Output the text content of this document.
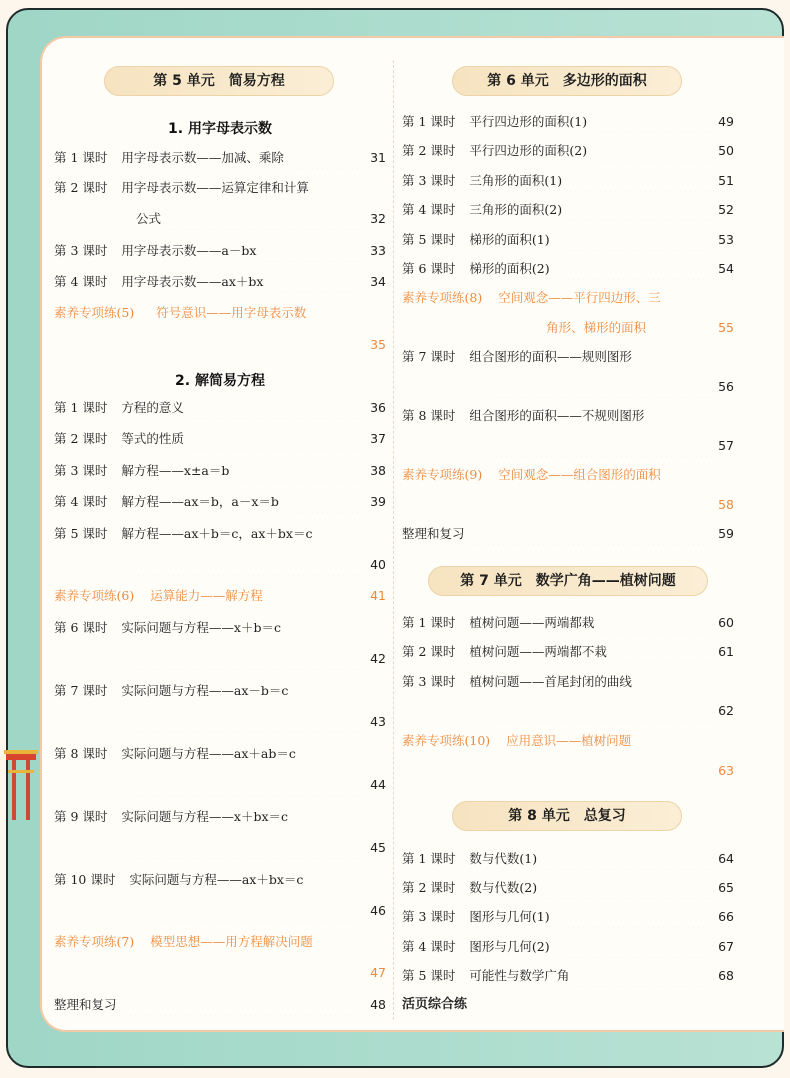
第 5 单元　简易方程
1. 用字母表示数
第 1 课时 用字母表示数——加减、乘除	31
第 2 课时 用字母表示数——运算定律和计算
公式	32
第 3 课时 用字母表示数——a－bx	33
第 4 课时 用字母表示数——ax＋bx	34
素养专项练(5) 符号意识——用字母表示数
35
2. 解简易方程
第 1 课时 方程的意义	36
第 2 课时 等式的性质	37
第 3 课时 解方程——x±a＝b	38
第 4 课时 解方程——ax＝b，a－x＝b	39
第 5 课时 解方程——ax＋b＝c，ax＋bx＝c
40
素养专项练(6) 运算能力——解方程	41
第 6 课时 实际问题与方程——x＋b＝c
42
第 7 课时 实际问题与方程——ax－b＝c
43
第 8 课时 实际问题与方程——ax＋ab＝c
44
第 9 课时 实际问题与方程——x＋bx＝c
45
第 10 课时 实际问题与方程——ax＋bx＝c
46
素养专项练(7) 模型思想——用方程解决问题
47
整理和复习	48
第 6 单元　多边形的面积
第 1 课时 平行四边形的面积(1)	49
第 2 课时 平行四边形的面积(2)	50
第 3 课时 三角形的面积(1)	51
第 4 课时 三角形的面积(2)	52
第 5 课时 梯形的面积(1)	53
第 6 课时 梯形的面积(2)	54
素养专项练(8) 空间观念——平行四边形、三
角形、梯形的面积	55
第 7 课时 组合图形的面积——规则图形
56
第 8 课时 组合图形的面积——不规则图形
57
素养专项练(9) 空间观念——组合图形的面积
58
整理和复习	59
第 7 单元　数学广角——植树问题
第 1 课时 植树问题——两端都栽	60
第 2 课时 植树问题——两端都不栽	61
第 3 课时 植树问题——首尾封闭的曲线
62
素养专项练(10) 应用意识——植树问题
63
第 8 单元　总复习
第 1 课时 数与代数(1)	64
第 2 课时 数与代数(2)	65
第 3 课时 图形与几何(1)	66
第 4 课时 图形与几何(2)	67
第 5 课时 可能性与数学广角	68
活页综合练
